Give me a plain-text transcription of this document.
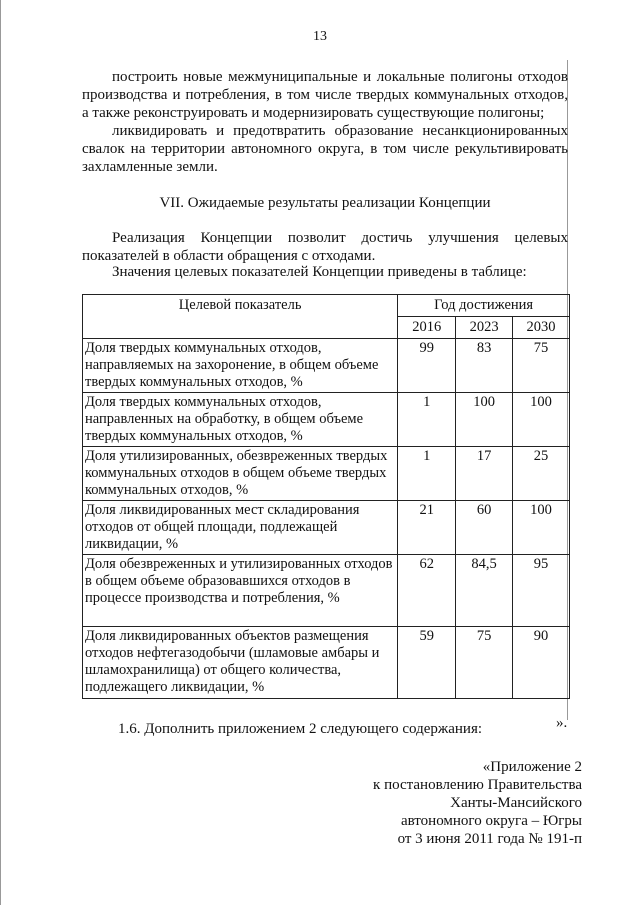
13
построить новые межмуниципальные и локальные полигоны отходов производства и потребления, в том числе твердых коммунальных отходов, а также реконструировать и модернизировать существующие полигоны;
ликвидировать и предотвратить образование несанкционированных свалок на территории автономного округа, в том числе рекультивировать захламленные земли.
VII. Ожидаемые результаты реализации Концепции
Реализация Концепции позволит достичь улучшения целевых показателей в области обращения с отходами.
Значения целевых показателей Концепции приведены в таблице:
Целевой показатель	Год достижения		
	2016	2023	2030
Доля твердых коммунальных отходов, направляемых на захоронение, в общем объеме твердых коммунальных отходов, %	99	83	75
Доля твердых коммунальных отходов, направленных на обработку, в общем объеме твердых коммунальных отходов, %	1	100	100
Доля утилизированных, обезвреженных твердых коммунальных отходов в общем объеме твердых коммунальных отходов, %	1	17	25
Доля ликвидированных мест складирования отходов от общей площади, подлежащей ликвидации, %	21	60	100
Доля обезвреженных и утилизированных отходов в общем объеме образовавшихся отходов в процессе производства и потребления, %	62	84,5	95
Доля ликвидированных объектов размещения отходов нефтегазодобычи (шламовые амбары и шламохранилища) от общего количества, подлежащего ликвидации, %	59	75	90
».
1.6. Дополнить приложением 2 следующего содержания:
«Приложение 2
к постановлению Правительства
Ханты-Мансийского
автономного округа – Югры
от 3 июня 2011 года № 191-п
